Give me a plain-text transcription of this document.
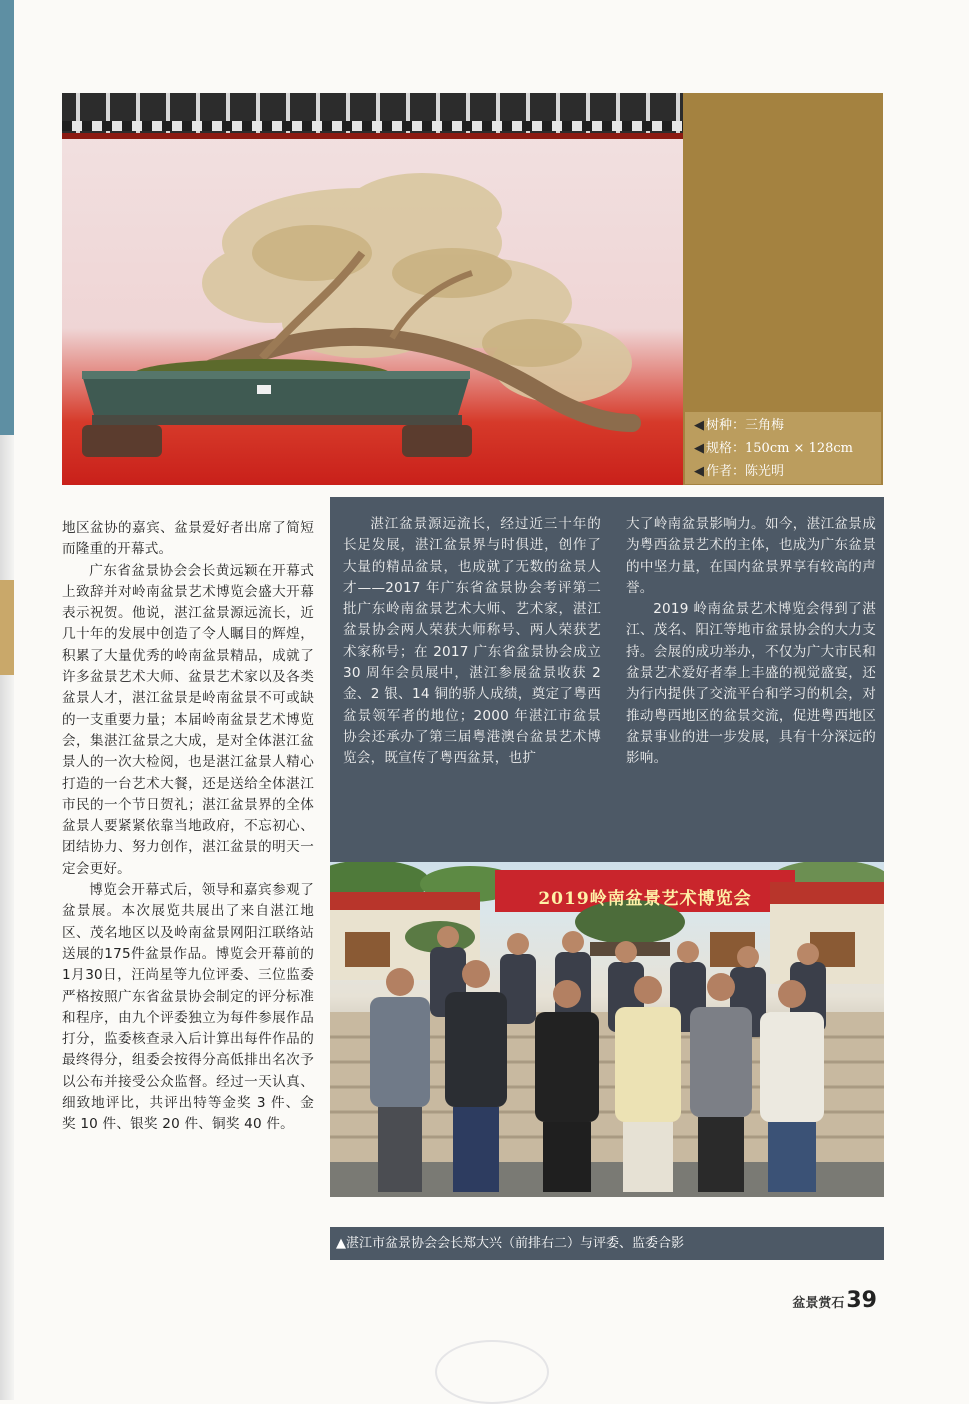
◀ 树种：三角梅
◀ 规格：150cm × 128cm
◀ 作者：陈光明

地区盆协的嘉宾、盆景爱好者出席了简短而隆重的开幕式。

广东省盆景协会会长黄远颖在开幕式上致辞并对岭南盆景艺术博览会盛大开幕表示祝贺。他说，湛江盆景源远流长，近几十年的发展中创造了令人瞩目的辉煌，积累了大量优秀的岭南盆景精品，成就了许多盆景艺术大师、盆景艺术家以及各类盆景人才，湛江盆景是岭南盆景不可或缺的一支重要力量；本届岭南盆景艺术博览会，集湛江盆景之大成，是对全体湛江盆景人的一次大检阅，也是湛江盆景人精心打造的一台艺术大餐，还是送给全体湛江市民的一个节日贺礼；湛江盆景界的全体盆景人要紧紧依靠当地政府，不忘初心、团结协力、努力创作，湛江盆景的明天一定会更好。

博览会开幕式后，领导和嘉宾参观了盆景展。本次展览共展出了来自湛江地区、茂名地区以及岭南盆景网阳江联络站送展的175件盆景作品。博览会开幕前的1月30日，汪尚星等九位评委、三位监委严格按照广东省盆景协会制定的评分标准和程序，由九个评委独立为每件参展作品打分，监委核查录入后计算出每件作品的最终得分，组委会按得分高低排出名次予以公布并接受公众监督。经过一天认真、细致地评比，共评出特等金奖 3 件、金奖 10 件、银奖 20 件、铜奖 40 件。

湛江盆景源远流长，经过近三十年的长足发展，湛江盆景界与时俱进，创作了大量的精品盆景，也成就了无数的盆景人才——2017 年广东省盆景协会考评第二批广东岭南盆景艺术大师、艺术家，湛江盆景协会两人荣获大师称号、两人荣获艺术家称号；在 2017 广东省盆景协会成立 30 周年会员展中，湛江参展盆景收获 2 金、2 银、14 铜的骄人成绩，奠定了粤西盆景领军者的地位；2000 年湛江市盆景协会还承办了第三届粤港澳台盆景艺术博览会，既宣传了粤西盆景，也扩

大了岭南盆景影响力。如今，湛江盆景成为粤西盆景艺术的主体，也成为广东盆景的中坚力量，在国内盆景界享有较高的声誉。

2019 岭南盆景艺术博览会得到了湛江、茂名、阳江等地市盆景协会的大力支持。会展的成功举办，不仅为广大市民和盆景艺术爱好者奉上丰盛的视觉盛宴，还为行内提供了交流平台和学习的机会，对推动粤西地区的盆景交流，促进粤西地区盆景事业的进一步发展，具有十分深远的影响。

2019岭南盆景艺术博览会
▲湛江市盆景协会会长郑大兴（前排右二）与评委、监委合影
盆景赏石39
